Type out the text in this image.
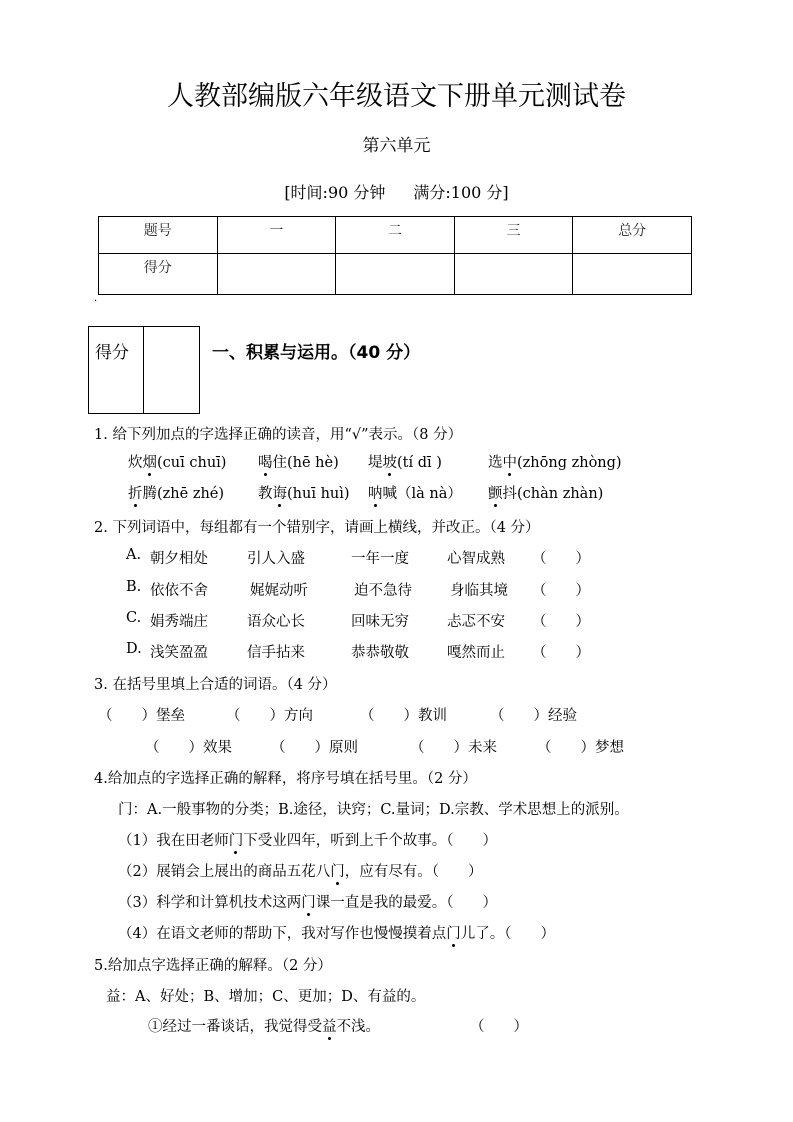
人教部编版六年级语文下册单元测试卷
第六单元
[时间:90 分钟 满分:100 分]
题号	一	二	三	总分
得分				
·
得分	一、积累与运用。（40 分）
1. 给下列加点的字选择正确的读音，用“√”表示。（8 分）
炊烟(cuī chuī) 喝住(hē hè) 堤坡(tí dī )	选中(zhōng zhòng)
折腾(zhē zhé) 教诲(huī huì) 呐喊（là nà） 颤抖(chàn zhàn)
2. 下列词语中，每组都有一个错别字，请画上横线，并改正。（4 分）
A. 朝夕相处	引人入盛	一年一度	心智成熟 （　　）
B. 依依不舍	娓娓动听	迫不急待	身临其境 （　　）
C. 娟秀端庄	语众心长	回味无穷	忐忑不安 （　　）
D. 浅笑盈盈	信手拈来	恭恭敬敬	嘎然而止 （　　）
3. 在括号里填上合适的词语。（4 分）
（　　）堡垒	（　　）方向	（　　）教训	（　　）经验
（　　）效果	（　　）原则	（　　）未来	（　　）梦想
4.给加点的字选择正确的解释，将序号填在括号里。（2 分）
门：A.一般事物的分类；B.途径，诀窍；C.量词；D.宗教、学术思想上的派别。
（1）我在田老师门下受业四年，听到上千个故事。（　　）
（2）展销会上展出的商品五花八门，应有尽有。（　　）
（3）科学和计算机技术这两门课一直是我的最爱。（　　）
（4）在语文老师的帮助下，我对写作也慢慢摸着点门儿了。（　　）
5.给加点字选择正确的解释。（2 分）
益：A、好处；B、增加；C、更加；D、有益的。
①经过一番谈话，我觉得受益不浅。	（　　）
